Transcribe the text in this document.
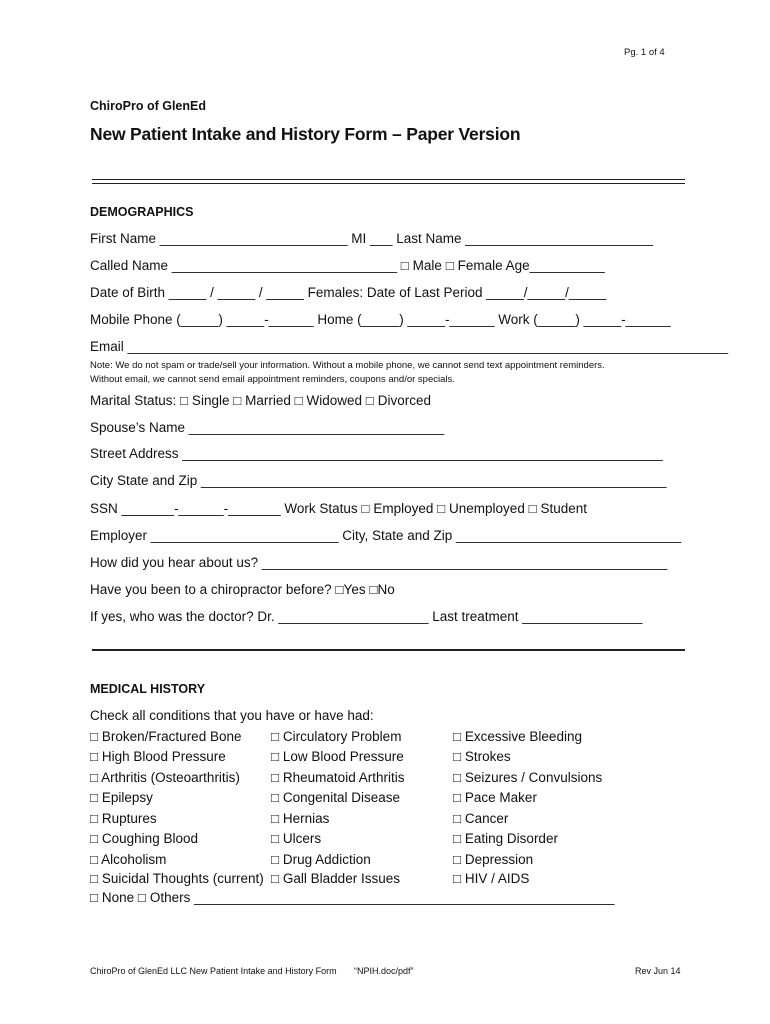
Pg. 1 of 4
ChiroPro of GlenEd
New Patient Intake and History Form – Paper Version
DEMOGRAPHICS
First Name _________________________ MI ___ Last Name _________________________
Called Name ______________________________ □ Male □ Female Age__________
Date of Birth _____ / _____ / _____ Females: Date of Last Period _____/_____/_____
Mobile Phone (_____) _____-______ Home (_____) _____-______ Work (_____) _____-______
Email ________________________________________________________________________________
Note: We do not spam or trade/sell your information. Without a mobile phone, we cannot send text appointment reminders.
Without email, we cannot send email appointment reminders, coupons and/or specials.
Marital Status: □ Single □ Married □ Widowed □ Divorced
Spouse’s Name __________________________________
Street Address ________________________________________________________________
City State and Zip ______________________________________________________________
SSN _______-______-_______ Work Status □ Employed □ Unemployed □ Student
Employer _________________________ City, State and Zip ______________________________
How did you hear about us? ______________________________________________________
Have you been to a chiropractor before? □Yes □No
If yes, who was the doctor? Dr. ____________________ Last treatment ________________
MEDICAL HISTORY
Check all conditions that you have or have had:
□ Broken/Fractured Bone
□ High Blood Pressure
□ Arthritis (Osteoarthritis)
□ Epilepsy
□ Ruptures
□ Coughing Blood
□ Alcoholism
□ Suicidal Thoughts (current)
□ Circulatory Problem
□ Low Blood Pressure
□ Rheumatoid Arthritis
□ Congenital Disease
□ Hernias
□ Ulcers
□ Drug Addiction
□ Gall Bladder Issues
□ Excessive Bleeding
□ Strokes
□ Seizures / Convulsions
□ Pace Maker
□ Cancer
□ Eating Disorder
□ Depression
□ HIV / AIDS
□ None □ Others ________________________________________________________
ChiroPro of GlenEd LLC New Patient Intake and History Form “NPIH.doc/pdf”	Rev Jun 14
